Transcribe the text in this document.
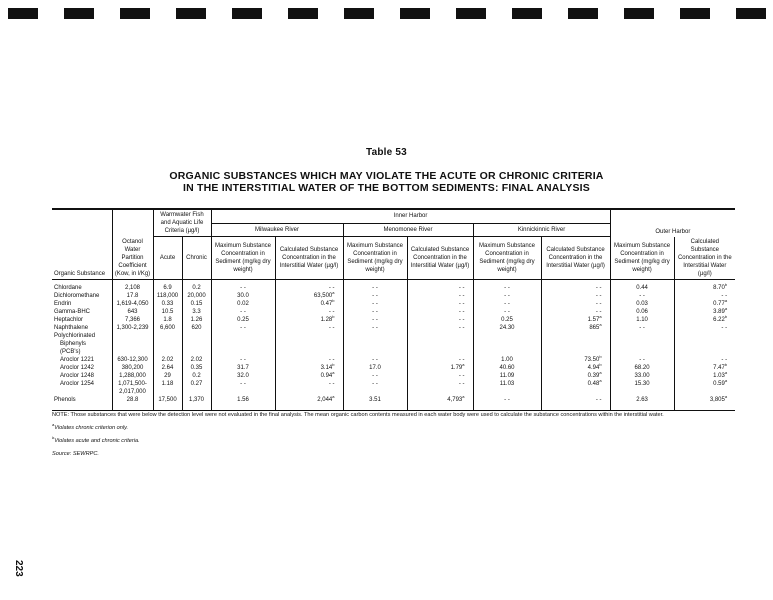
Table 53
ORGANIC SUBSTANCES WHICH MAY VIOLATE THE ACUTE OR CHRONIC CRITERIA
IN THE INTERSTITIAL WATER OF THE BOTTOM SEDIMENTS: FINAL ANALYSIS
Organic Substance	Octanol Water Partition Coefficient (Kow, in l/Kg)	Warmwater Fish and Aquatic Life Criteria (µg/l)		Inner Harbor						Outer Harbor	
				Milwaukee River		Menomonee River		Kinnickinnic River			
		Acute	Chronic	Maximum Substance Concentration in Sediment (mg/kg dry weight)	Calculated Substance Concentration in the Interstitial Water (µg/l)	Maximum Substance Concentration in Sediment (mg/kg dry weight)	Calculated Substance Concentration in the Interstitial Water (µg/l)	Maximum Substance Concentration in Sediment (mg/kg dry weight)	Calculated Substance Concentration in the Interstitial Water (µg/l)	Maximum Substance Concentration in Sediment (mg/kg dry weight)	Calculated Substance Concentration in the Interstitial Water (µg/l)
Chlordane	2,108	6.9	0.2	- -	- -	- -	- -	- -	- -	0.44	8.70$^b$
Dichloromethane	17.8	118,000	20,000	30.0	63,500$^a$	- -	- -	- -	- -	- -	- -
Endrin	1,619-4,050	0.33	0.15	0.02	0.47$^b$	- -	- -	- -	- -	0.03	0.77$^a$
Gamma-BHC	643	10.5	3.3	- -	- -	- -	- -	- -	- -	0.06	3.89$^a$
Heptachlor	7,366	1.8	1.26	0.25	1.28$^b$	- -	- -	0.25	1.57$^a$	1.10	6.22$^b$
Naphthalene	1,300-2,239	6,600	620	- -	- -	- -	- -	24.30	865$^a$	- -	- -
Polychlorinated											
Biphenyls											
(PCB's)											
Aroclor 1221	630-12,300	2.02	2.02	- -	- -	- -	- -	1.00	73.50$^b$	- -	- -
Aroclor 1242	380,200	2.64	0.35	31.7	3.14$^b$	17.0	1.79$^a$	40.60	4.94$^b$	68.20	7.47$^b$
Aroclor 1248	1,288,000	29	0.2	32.0	0.94$^a$	- -	- -	11.09	0.39$^a$	33.00	1.03$^a$
Aroclor 1254	1,071,500-	1.18	0.27	- -	- -	- -	- -	11.03	0.48$^a$	15.30	0.59$^a$
	2,017,000										
Phenols	28.8	17,500	1,370	1.56	2,044$^a$	3.51	4,793$^a$	- -	- -	2.63	3,805$^a$
NOTE: Those substances that were below the detection level were not evaluated in the final analysis. The mean organic carbon contents measured in each water body were used to calculate the substance concentrations within the interstitial water.
$^a$Violates chronic criterion only.
$^b$Violates acute and chronic criteria.
Source: SEWRPC.
223
